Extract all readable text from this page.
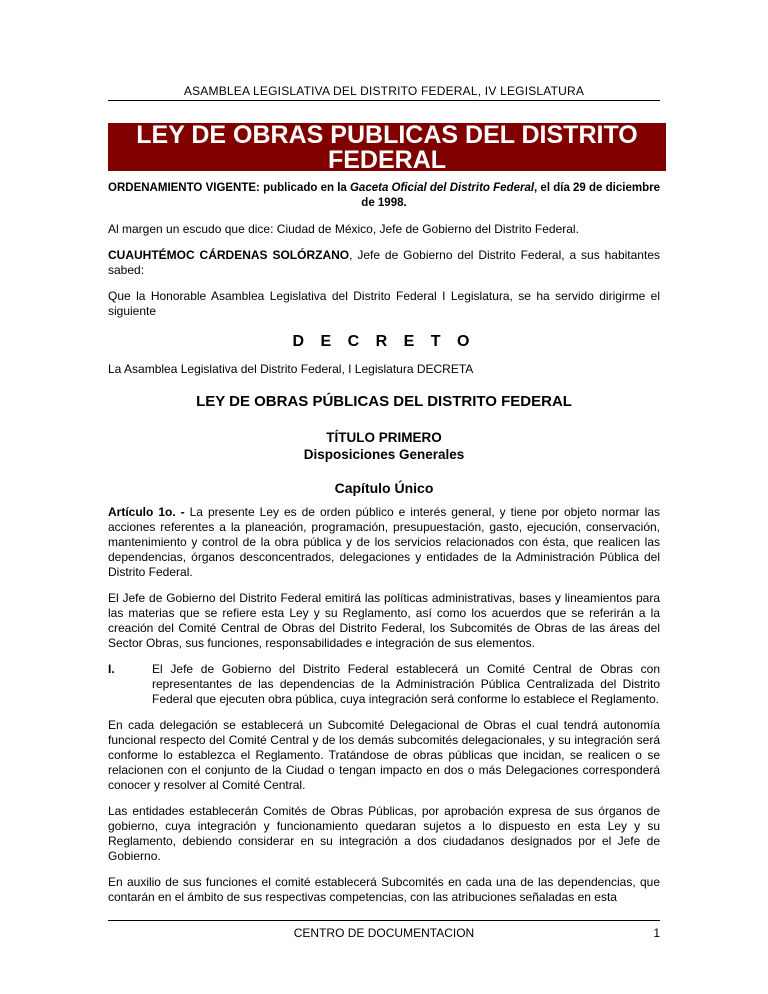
ASAMBLEA LEGISLATIVA DEL DISTRITO FEDERAL, IV LEGISLATURA
LEY DE OBRAS PUBLICAS DEL DISTRITO
FEDERAL

ORDENAMIENTO VIGENTE: publicado en la Gaceta Oficial del Distrito Federal, el día 29 de diciembre de 1998.

Al margen un escudo que dice: Ciudad de México, Jefe de Gobierno del Distrito Federal.

CUAUHTÉMOC CÁRDENAS SOLÓRZANO, Jefe de Gobierno del Distrito Federal, a sus habitantes sabed:

Que la Honorable Asamblea Legislativa del Distrito Federal I Legislatura, se ha servido dirigirme el siguiente

D E C R E T O

La Asamblea Legislativa del Distrito Federal, I Legislatura DECRETA

LEY DE OBRAS PÚBLICAS DEL DISTRITO FEDERAL

TÍTULO PRIMERO

Disposiciones Generales

Capítulo Único

Artículo 1o. - La presente Ley es de orden público e interés general, y tiene por objeto normar las acciones referentes a la planeación, programación, presupuestación, gasto, ejecución, conservación, mantenimiento y control de la obra pública y de los servicios relacionados con ésta, que realicen las dependencias, órganos desconcentrados, delegaciones y entidades de la Administración Pública del Distrito Federal.

El Jefe de Gobierno del Distrito Federal emitirá las políticas administrativas, bases y lineamientos para las materias que se refiere esta Ley y su Reglamento, así como los acuerdos que se referirán a la creación del Comité Central de Obras del Distrito Federal, los Subcomités de Obras de las áreas del Sector Obras, sus funciones, responsabilidades e integración de sus elementos.

I.	El Jefe de Gobierno del Distrito Federal establecerá un Comité Central de Obras con representantes de las dependencias de la Administración Pública Centralizada del Distrito Federal que ejecuten obra pública, cuya integración será conforme lo establece el Reglamento.

En cada delegación se establecerá un Subcomité Delegacional de Obras el cual tendrá autonomía funcional respecto del Comité Central y de los demás subcomités delegacionales, y su integración será conforme lo establezca el Reglamento. Tratándose de obras públicas que incidan, se realicen o se relacionen con el conjunto de la Ciudad o tengan impacto en dos o más Delegaciones corresponderá conocer y resolver al Comité Central.

Las entidades establecerán Comités de Obras Públicas, por aprobación expresa de sus órganos de gobierno, cuya integración y funcionamiento quedaran sujetos a lo dispuesto en esta Ley y su Reglamento, debiendo considerar en su integración a dos ciudadanos designados por el Jefe de Gobierno.

En auxilio de sus funciones el comité establecerá Subcomités en cada una de las dependencias, que contarán en el ámbito de sus respectivas competencias, con las atribuciones señaladas en esta

CENTRO DE DOCUMENTACION	1
